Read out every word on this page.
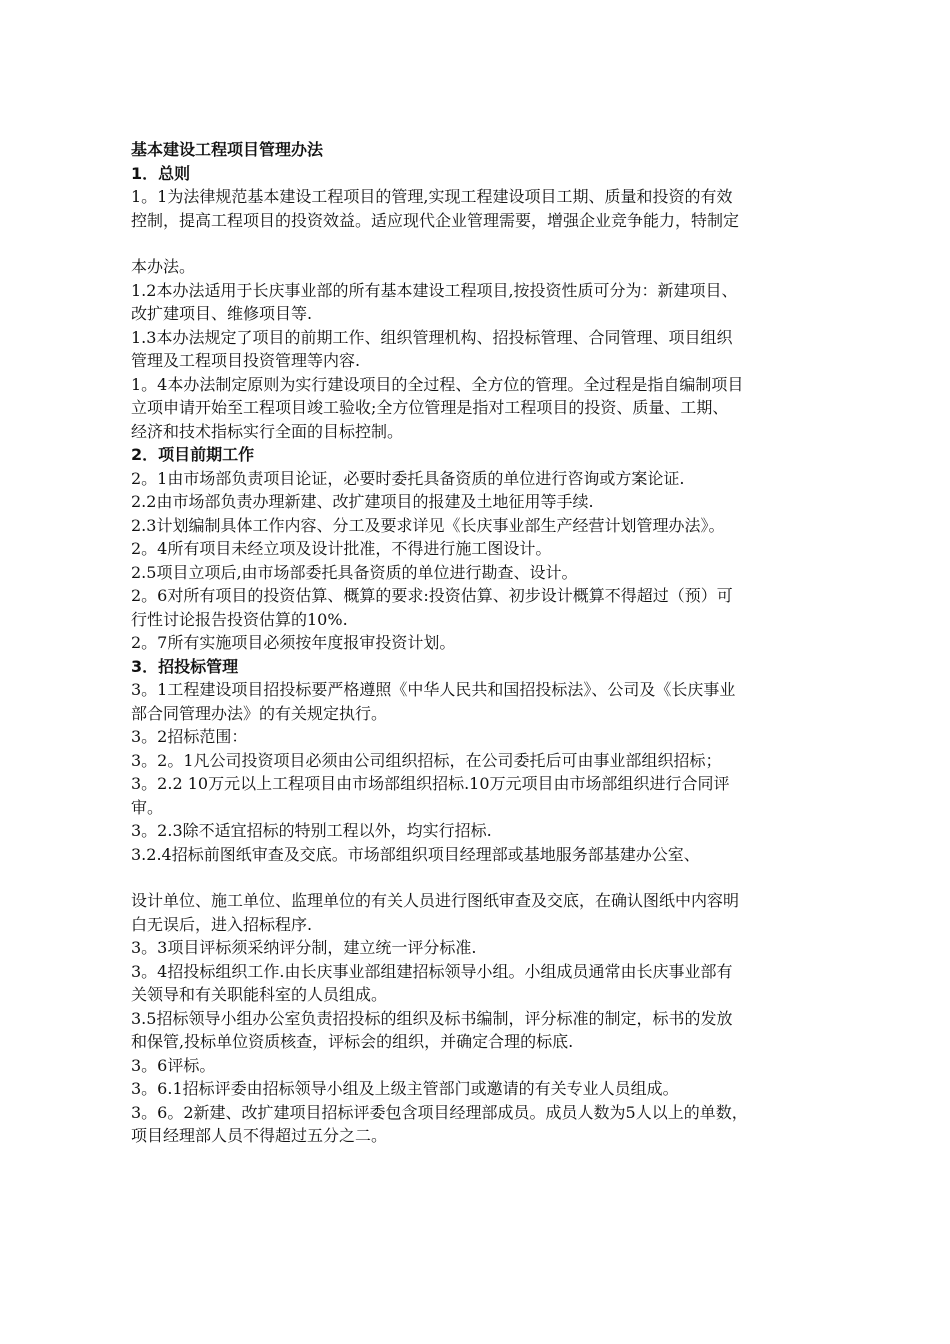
基本建设工程项目管理办法
1．总则
1。1为法律规范基本建设工程项目的管理,实现工程建设项目工期、质量和投资的有效
控制，提高工程项目的投资效益。适应现代企业管理需要，增强企业竞争能力，特制定
本办法。
1.2本办法适用于长庆事业部的所有基本建设工程项目,按投资性质可分为：新建项目、
改扩建项目、维修项目等.
1.3本办法规定了项目的前期工作、组织管理机构、招投标管理、合同管理、项目组织
管理及工程项目投资管理等内容.
1。4本办法制定原则为实行建设项目的全过程、全方位的管理。全过程是指自编制项目
立项申请开始至工程项目竣工验收;全方位管理是指对工程项目的投资、质量、工期、
经济和技术指标实行全面的目标控制。
2．项目前期工作
2。1由市场部负责项目论证，必要时委托具备资质的单位进行咨询或方案论证.
2.2由市场部负责办理新建、改扩建项目的报建及土地征用等手续.
2.3计划编制具体工作内容、分工及要求详见《长庆事业部生产经营计划管理办法》。
2。4所有项目未经立项及设计批准，不得进行施工图设计。
2.5项目立项后,由市场部委托具备资质的单位进行勘查、设计。
2。6对所有项目的投资估算、概算的要求:投资估算、初步设计概算不得超过（预）可
行性讨论报告投资估算的10%.
2。7所有实施项目必须按年度报审投资计划。
3．招投标管理
3。1工程建设项目招投标要严格遵照《中华人民共和国招投标法》、公司及《长庆事业
部合同管理办法》的有关规定执行。
3。2招标范围：
3。2。1凡公司投资项目必须由公司组织招标，在公司委托后可由事业部组织招标；
3。2.2 10万元以上工程项目由市场部组织招标.10万元项目由市场部组织进行合同评
审。
3。2.3除不适宜招标的特别工程以外，均实行招标.
3.2.4招标前图纸审查及交底。市场部组织项目经理部或基地服务部基建办公室、
设计单位、施工单位、监理单位的有关人员进行图纸审查及交底，在确认图纸中内容明
白无误后，进入招标程序.
3。3项目评标须采纳评分制，建立统一评分标准.
3。4招投标组织工作.由长庆事业部组建招标领导小组。小组成员通常由长庆事业部有
关领导和有关职能科室的人员组成。
3.5招标领导小组办公室负责招投标的组织及标书编制，评分标准的制定，标书的发放
和保管,投标单位资质核查，评标会的组织，并确定合理的标底.
3。6评标。
3。6.1招标评委由招标领导小组及上级主管部门或邀请的有关专业人员组成。
3。6。2新建、改扩建项目招标评委包含项目经理部成员。成员人数为5人以上的单数，
项目经理部人员不得超过五分之二。
